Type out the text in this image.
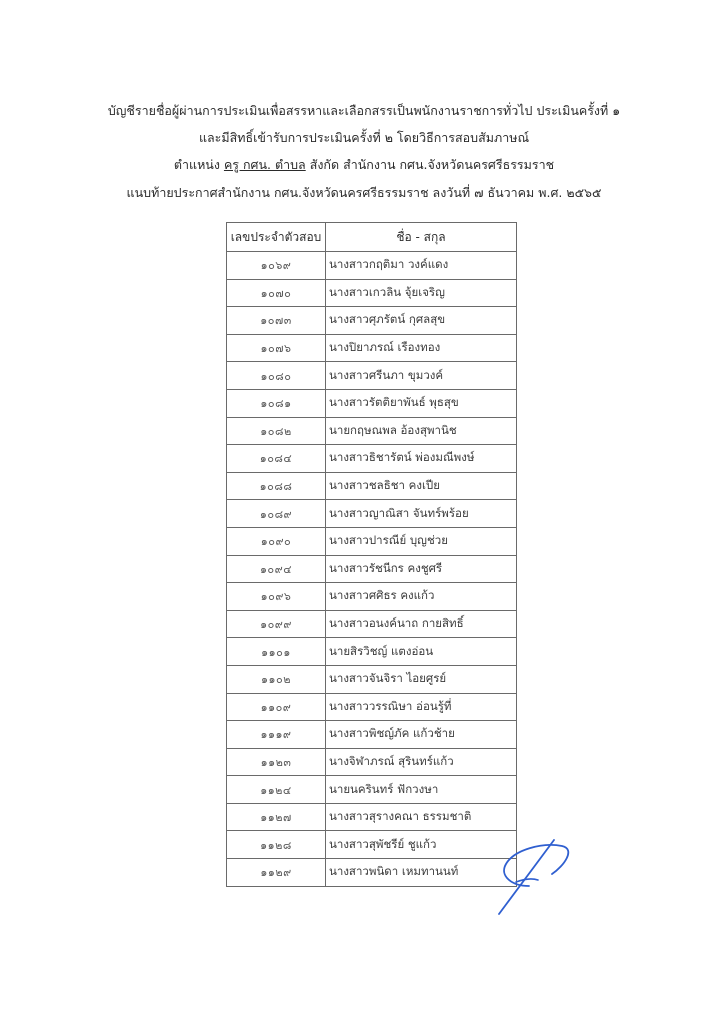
บัญชีรายชื่อผู้ผ่านการประเมินเพื่อสรรหาและเลือกสรรเป็นพนักงานราชการทั่วไป ประเมินครั้งที่ ๑
และมีสิทธิ์เข้ารับการประเมินครั้งที่ ๒ โดยวิธีการสอบสัมภาษณ์
ตำแหน่ง ครู กศน. ตำบล สังกัด สำนักงาน กศน.จังหวัดนครศรีธรรมราช
แนบท้ายประกาศสำนักงาน กศน.จังหวัดนครศรีธรรมราช ลงวันที่ ๗ ธันวาคม พ.ศ. ๒๕๖๕
เลขประจำตัวสอบ	ชื่อ - สกุล
๑๐๖๙	นางสาวกฤติมา วงค์แดง
๑๐๗๐	นางสาวเกวลิน จุ้ยเจริญ
๑๐๗๓	นางสาวศุภรัตน์ กุศลสุข
๑๐๗๖	นางปิยาภรณ์ เรืองทอง
๑๐๘๐	นางสาวศรีนภา ขุมวงค์
๑๐๘๑	นางสาวรัตติยาพันธ์ พุธสุข
๑๐๘๒	นายกฤษณพล อ้องสุพานิช
๑๐๘๔	นางสาวธิชารัตน์ พ่องมณีพงษ์
๑๐๘๘	นางสาวชลธิชา คงเปีย
๑๐๘๙	นางสาวญาณิสา จันทร์พร้อย
๑๐๙๐	นางสาวปารณีย์ บุญช่วย
๑๐๙๔	นางสาวรัชนีกร คงชูศรี
๑๐๙๖	นางสาวศศิธร คงแก้ว
๑๐๙๙	นางสาวอนงค์นาถ กายสิทธิ์
๑๑๐๑	นายสิรวิชญ์ แตงอ่อน
๑๑๐๒	นางสาวจันจิรา ไอยศูรย์
๑๑๐๙	นางสาววรรณิษา อ่อนรู้ที่
๑๑๑๙	นางสาวพิชญ์ภัค แก้วช้าย
๑๑๒๓	นางจิฬาภรณ์ สุรินทร์แก้ว
๑๑๒๔	นายนครินทร์ ฟักวงษา
๑๑๒๗	นางสาวสุรางคณา ธรรมชาติ
๑๑๒๘	นางสาวสุพัชรีย์ ชูแก้ว
๑๑๒๙	นางสาวพนิดา เหมทานนท์
